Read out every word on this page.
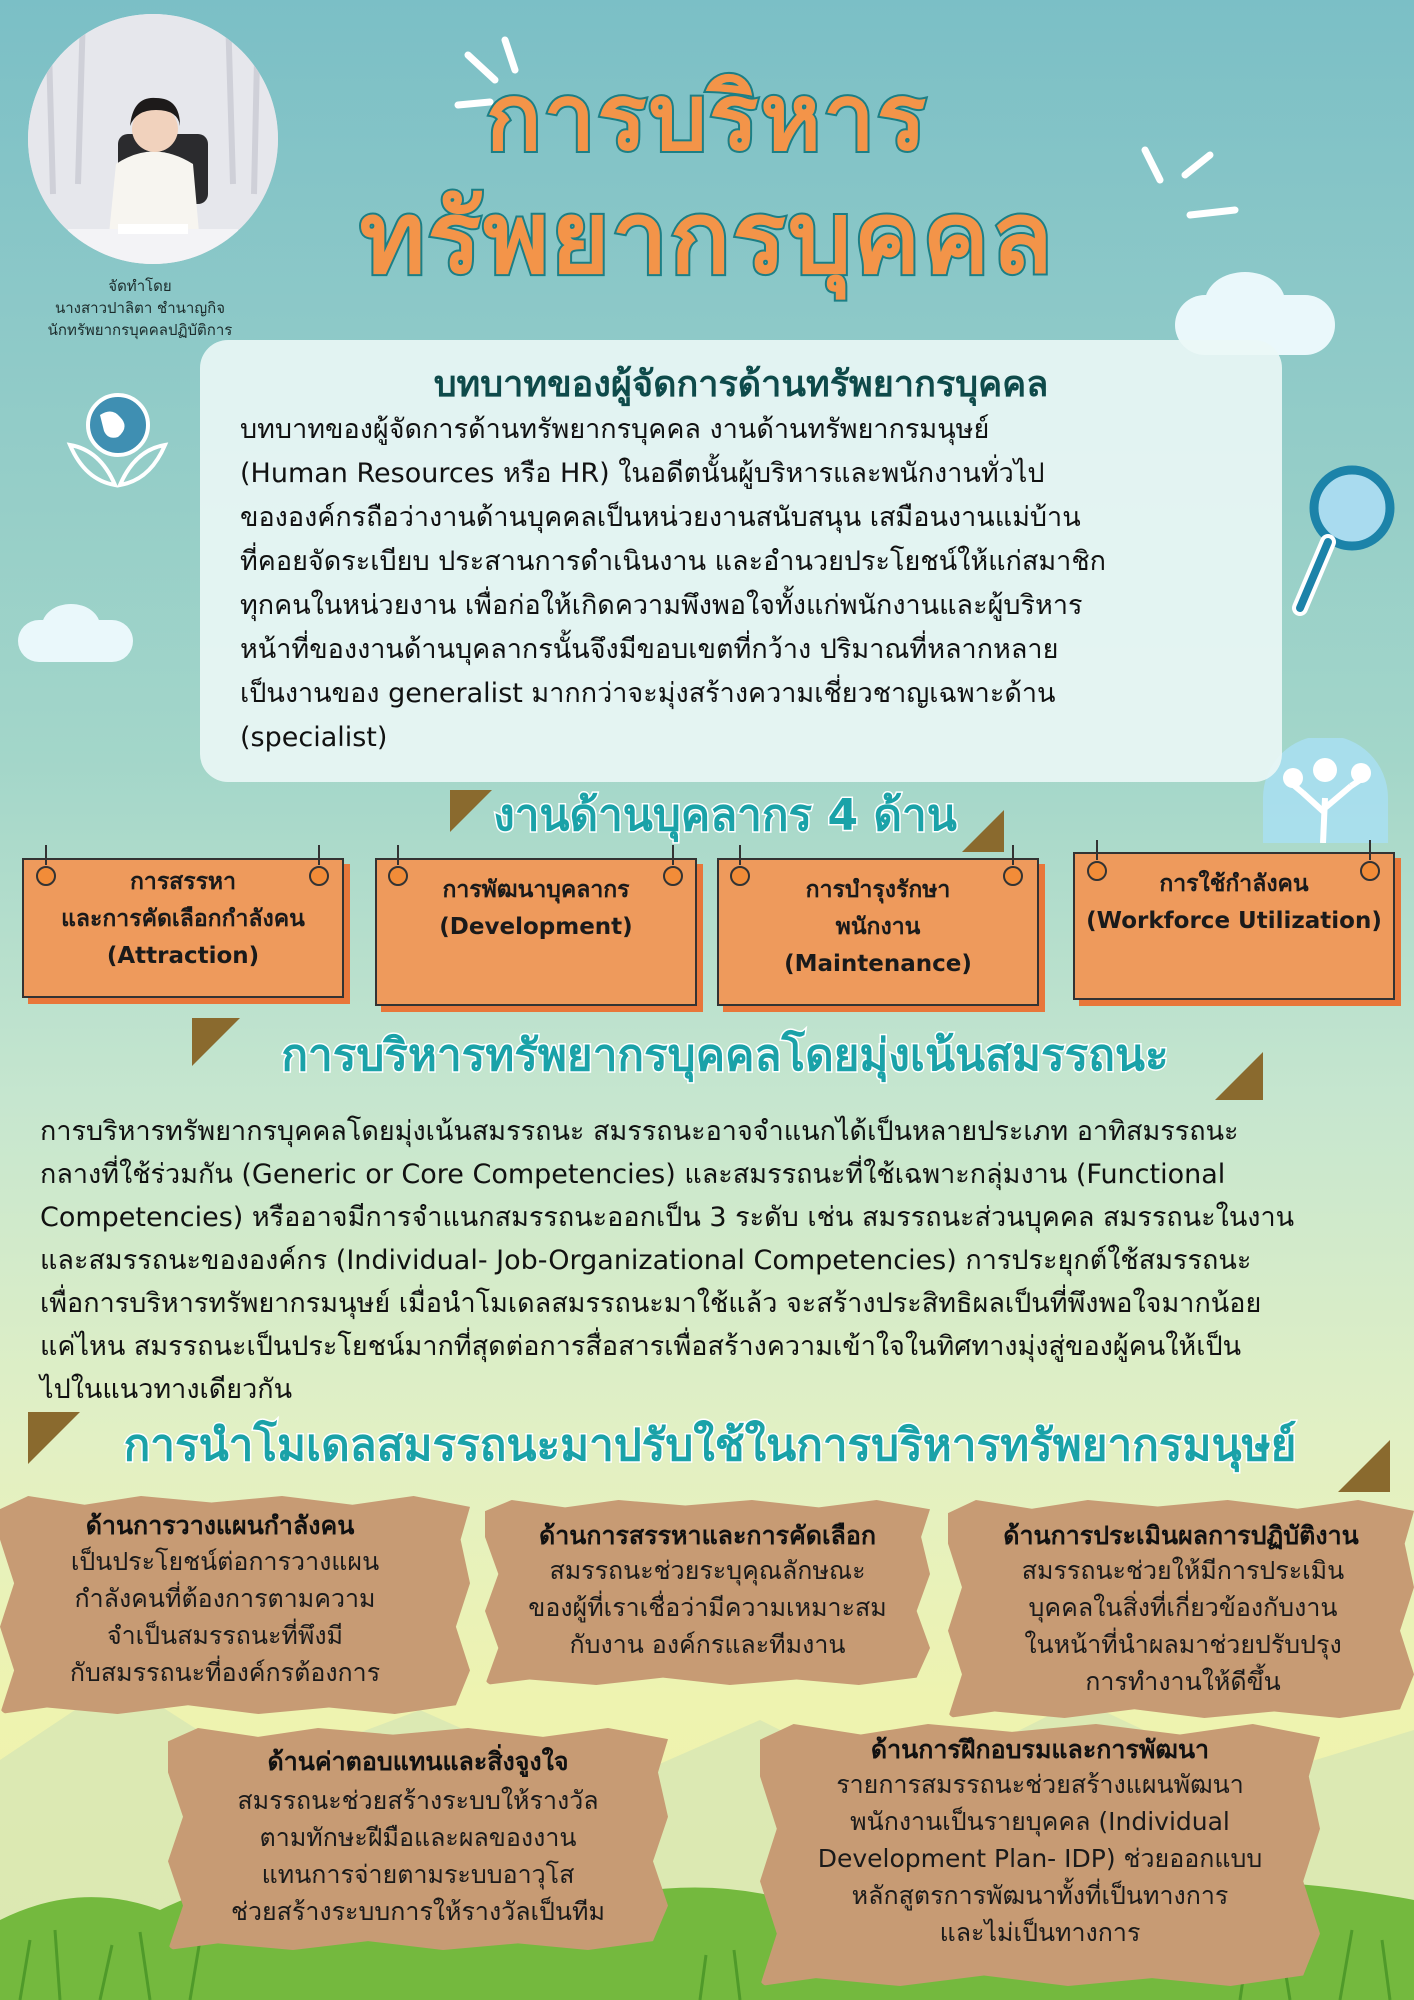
จัดทำโดย
นางสาวปาลิตา ชำนาญกิจ
นักทรัพยากรบุคคลปฏิบัติการ
การบริหาร
ทรัพยากรบุคคล
บทบาทของผู้จัดการด้านทรัพยากรบุคคล
บทบาทของผู้จัดการด้านทรัพยากรบุคคล งานด้านทรัพยากรมนุษย์
(Human Resources หรือ HR) ในอดีตนั้นผู้บริหารและพนักงานทั่วไป
ขององค์กรถือว่างานด้านบุคคลเป็นหน่วยงานสนับสนุน เสมือนงานแม่บ้าน
ที่คอยจัดระเบียบ ประสานการดำเนินงาน และอำนวยประโยชน์ให้แก่สมาชิก
ทุกคนในหน่วยงาน เพื่อก่อให้เกิดความพึงพอใจทั้งแก่พนักงานและผู้บริหาร
หน้าที่ของงานด้านบุคลากรนั้นจึงมีขอบเขตที่กว้าง ปริมาณที่หลากหลาย
เป็นงานของ generalist มากกว่าจะมุ่งสร้างความเชี่ยวชาญเฉพาะด้าน
(specialist)
งานด้านบุคลากร 4 ด้าน
การสรรหา
และการคัดเลือกกำลังคน
(Attraction)
การพัฒนาบุคลากร
(Development)
การบำรุงรักษา
พนักงาน
(Maintenance)
การใช้กำลังคน
(Workforce Utilization)
การบริหารทรัพยากรบุคคลโดยมุ่งเน้นสมรรถนะ
การบริหารทรัพยากรบุคคลโดยมุ่งเน้นสมรรถนะ สมรรถนะอาจจำแนกได้เป็นหลายประเภท อาทิสมรรถนะ
กลางที่ใช้ร่วมกัน (Generic or Core Competencies) และสมรรถนะที่ใช้เฉพาะกลุ่มงาน (Functional
Competencies) หรืออาจมีการจำแนกสมรรถนะออกเป็น 3 ระดับ เช่น สมรรถนะส่วนบุคคล สมรรถนะในงาน
และสมรรถนะขององค์กร (Individual- Job-Organizational Competencies) การประยุกต์ใช้สมรรถนะ
เพื่อการบริหารทรัพยากรมนุษย์ เมื่อนำโมเดลสมรรถนะมาใช้แล้ว จะสร้างประสิทธิผลเป็นที่พึงพอใจมากน้อย
แค่ไหน สมรรถนะเป็นประโยชน์มากที่สุดต่อการสื่อสารเพื่อสร้างความเข้าใจในทิศทางมุ่งสู่ของผู้คนให้เป็น
ไปในแนวทางเดียวกัน
การนำโมเดลสมรรถนะมาปรับใช้ในการบริหารทรัพยากรมนุษย์
ด้านการวางแผนกำลังคน
เป็นประโยชน์ต่อการวางแผน
กำลังคนที่ต้องการตามความ
จำเป็นสมรรถนะที่พึงมี
กับสมรรถนะที่องค์กรต้องการ
ด้านการสรรหาและการคัดเลือก
สมรรถนะช่วยระบุคุณลักษณะ
ของผู้ที่เราเชื่อว่ามีความเหมาะสม
กับงาน องค์กรและทีมงาน
ด้านการประเมินผลการปฏิบัติงาน
สมรรถนะช่วยให้มีการประเมิน
บุคคลในสิ่งที่เกี่ยวข้องกับงาน
ในหน้าที่นำผลมาช่วยปรับปรุง
การทำงานให้ดีขึ้น
ด้านค่าตอบแทนและสิ่งจูงใจ
สมรรถนะช่วยสร้างระบบให้รางวัล
ตามทักษะฝีมือและผลของงาน
แทนการจ่ายตามระบบอาวุโส
ช่วยสร้างระบบการให้รางวัลเป็นทีม
ด้านการฝึกอบรมและการพัฒนา
รายการสมรรถนะช่วยสร้างแผนพัฒนา
พนักงานเป็นรายบุคคล (Individual
Development Plan- IDP) ช่วยออกแบบ
หลักสูตรการพัฒนาทั้งที่เป็นทางการ
และไม่เป็นทางการ
